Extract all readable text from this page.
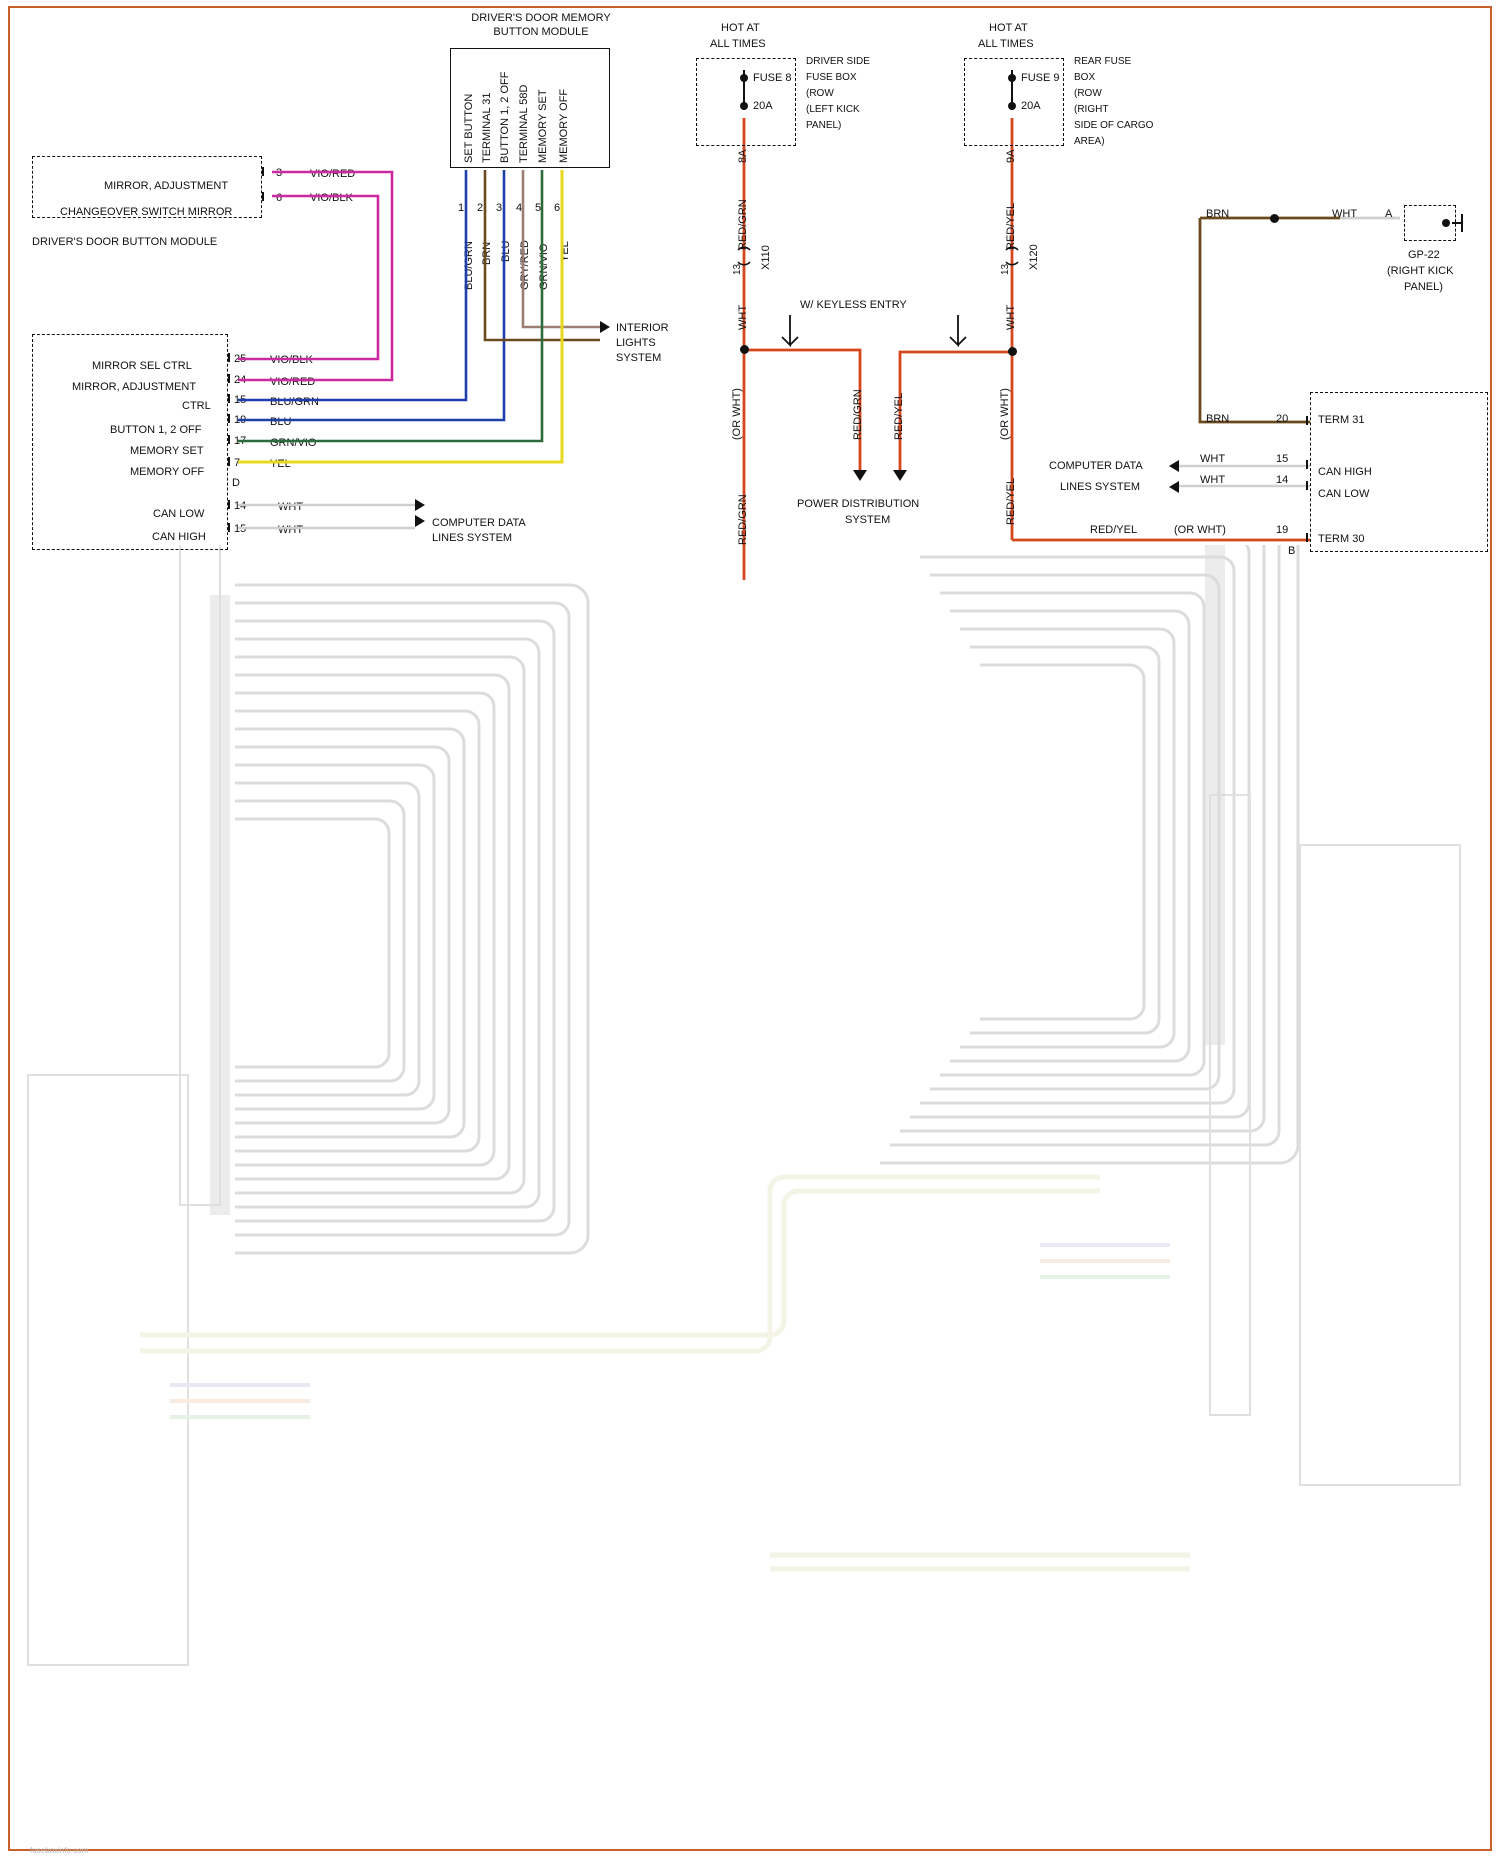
fuseboxinfo.com
DRIVER'S DOOR MEMORY
BUTTON MODULE
SET BUTTON TERMINAL 31 BUTTON 1, 2 OFF TERMINAL 58D MEMORY SET MEMORY OFF
1 2 3 4 5 6
BLU/GRN BRN BLU GRY/RED GRN/VIO YEL
DRIVER'S DOOR BUTTON MODULE
MIRROR, ADJUSTMENT
CHANGEOVER SWITCH MIRROR
3
6
VIO/RED
VIO/BLK
D
MIRROR SEL CTRL
25 VIO/BLK
MIRROR, ADJUSTMENT
CTRL
24 VIO/RED
15 BLU/GRN
BUTTON 1, 2 OFF
19 BLU
MEMORY SET
17 GRN/VIO
MEMORY OFF
7	YEL
CAN LOW
14	WHT
CAN HIGH
15	WHT
INTERIOR
LIGHTS
SYSTEM
COMPUTER DATA
LINES SYSTEM
HOT AT
ALL TIMES
FUSE 8
20A
DRIVER SIDE
FUSE BOX
(ROW
(LEFT KICK
PANEL)
8A
RED/GRN
13 X110
WHT
(OR WHT)
RED/GRN
HOT AT
ALL TIMES
FUSE 9
20A
REAR FUSE
BOX
(ROW
(RIGHT
SIDE OF CARGO
AREA)
9A
RED/YEL
13 X120
WHT
(OR WHT)
RED/YEL
W/ KEYLESS ENTRY
RED/GRN	RED/YEL
POWER DISTRIBUTION
SYSTEM
BRN	WHT	A
GP-22
(RIGHT KICK
PANEL)
B
BRN	20	TERM 31
COMPUTER DATA
LINES SYSTEM
WHT	15
CAN HIGH
WHT	14
CAN LOW
RED/YEL	(OR WHT)	19
TERM 30
